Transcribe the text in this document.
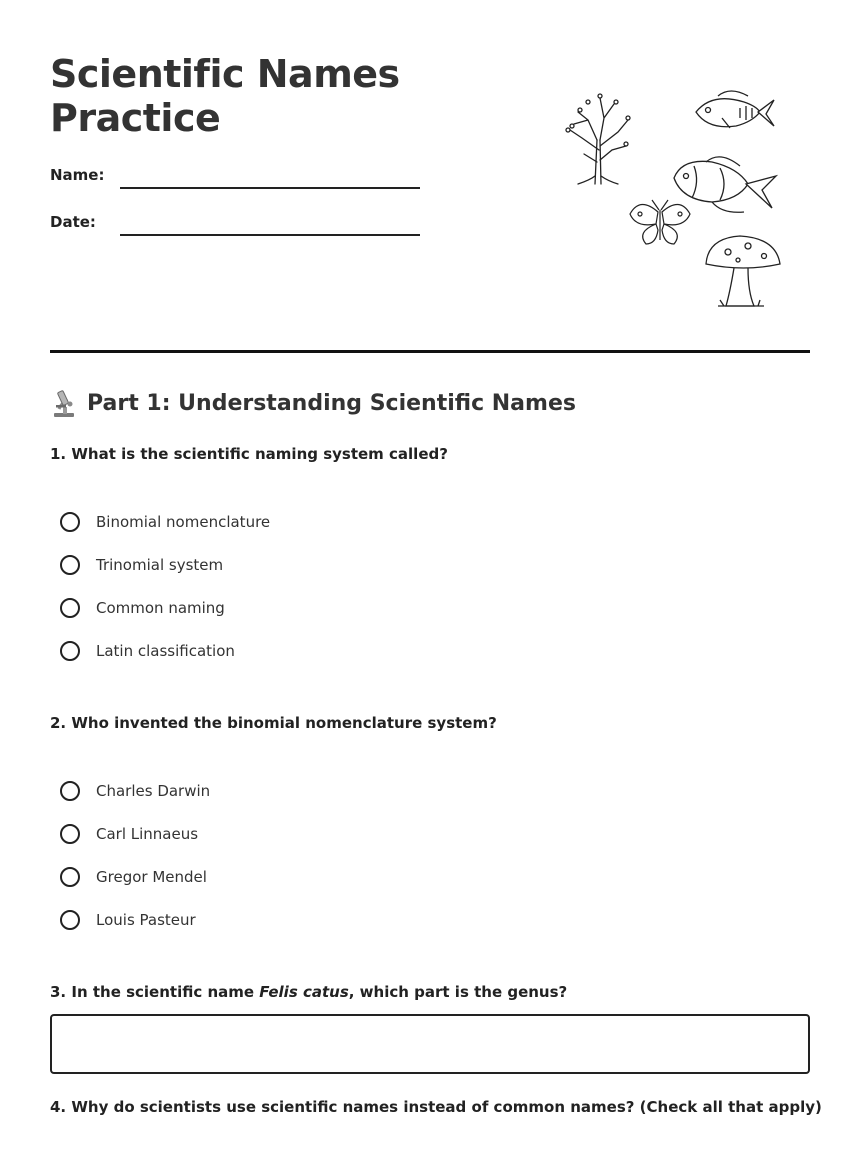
Scientific Names
Practice
Name:
Date:
Part 1: Understanding Scientific Names
1. What is the scientific naming system called?
Binomial nomenclature
Trinomial system
Common naming
Latin classification
2. Who invented the binomial nomenclature system?
Charles Darwin
Carl Linnaeus
Gregor Mendel
Louis Pasteur
3. In the scientific name Felis catus, which part is the genus?
4. Why do scientists use scientific names instead of common names? (Check all that apply)
